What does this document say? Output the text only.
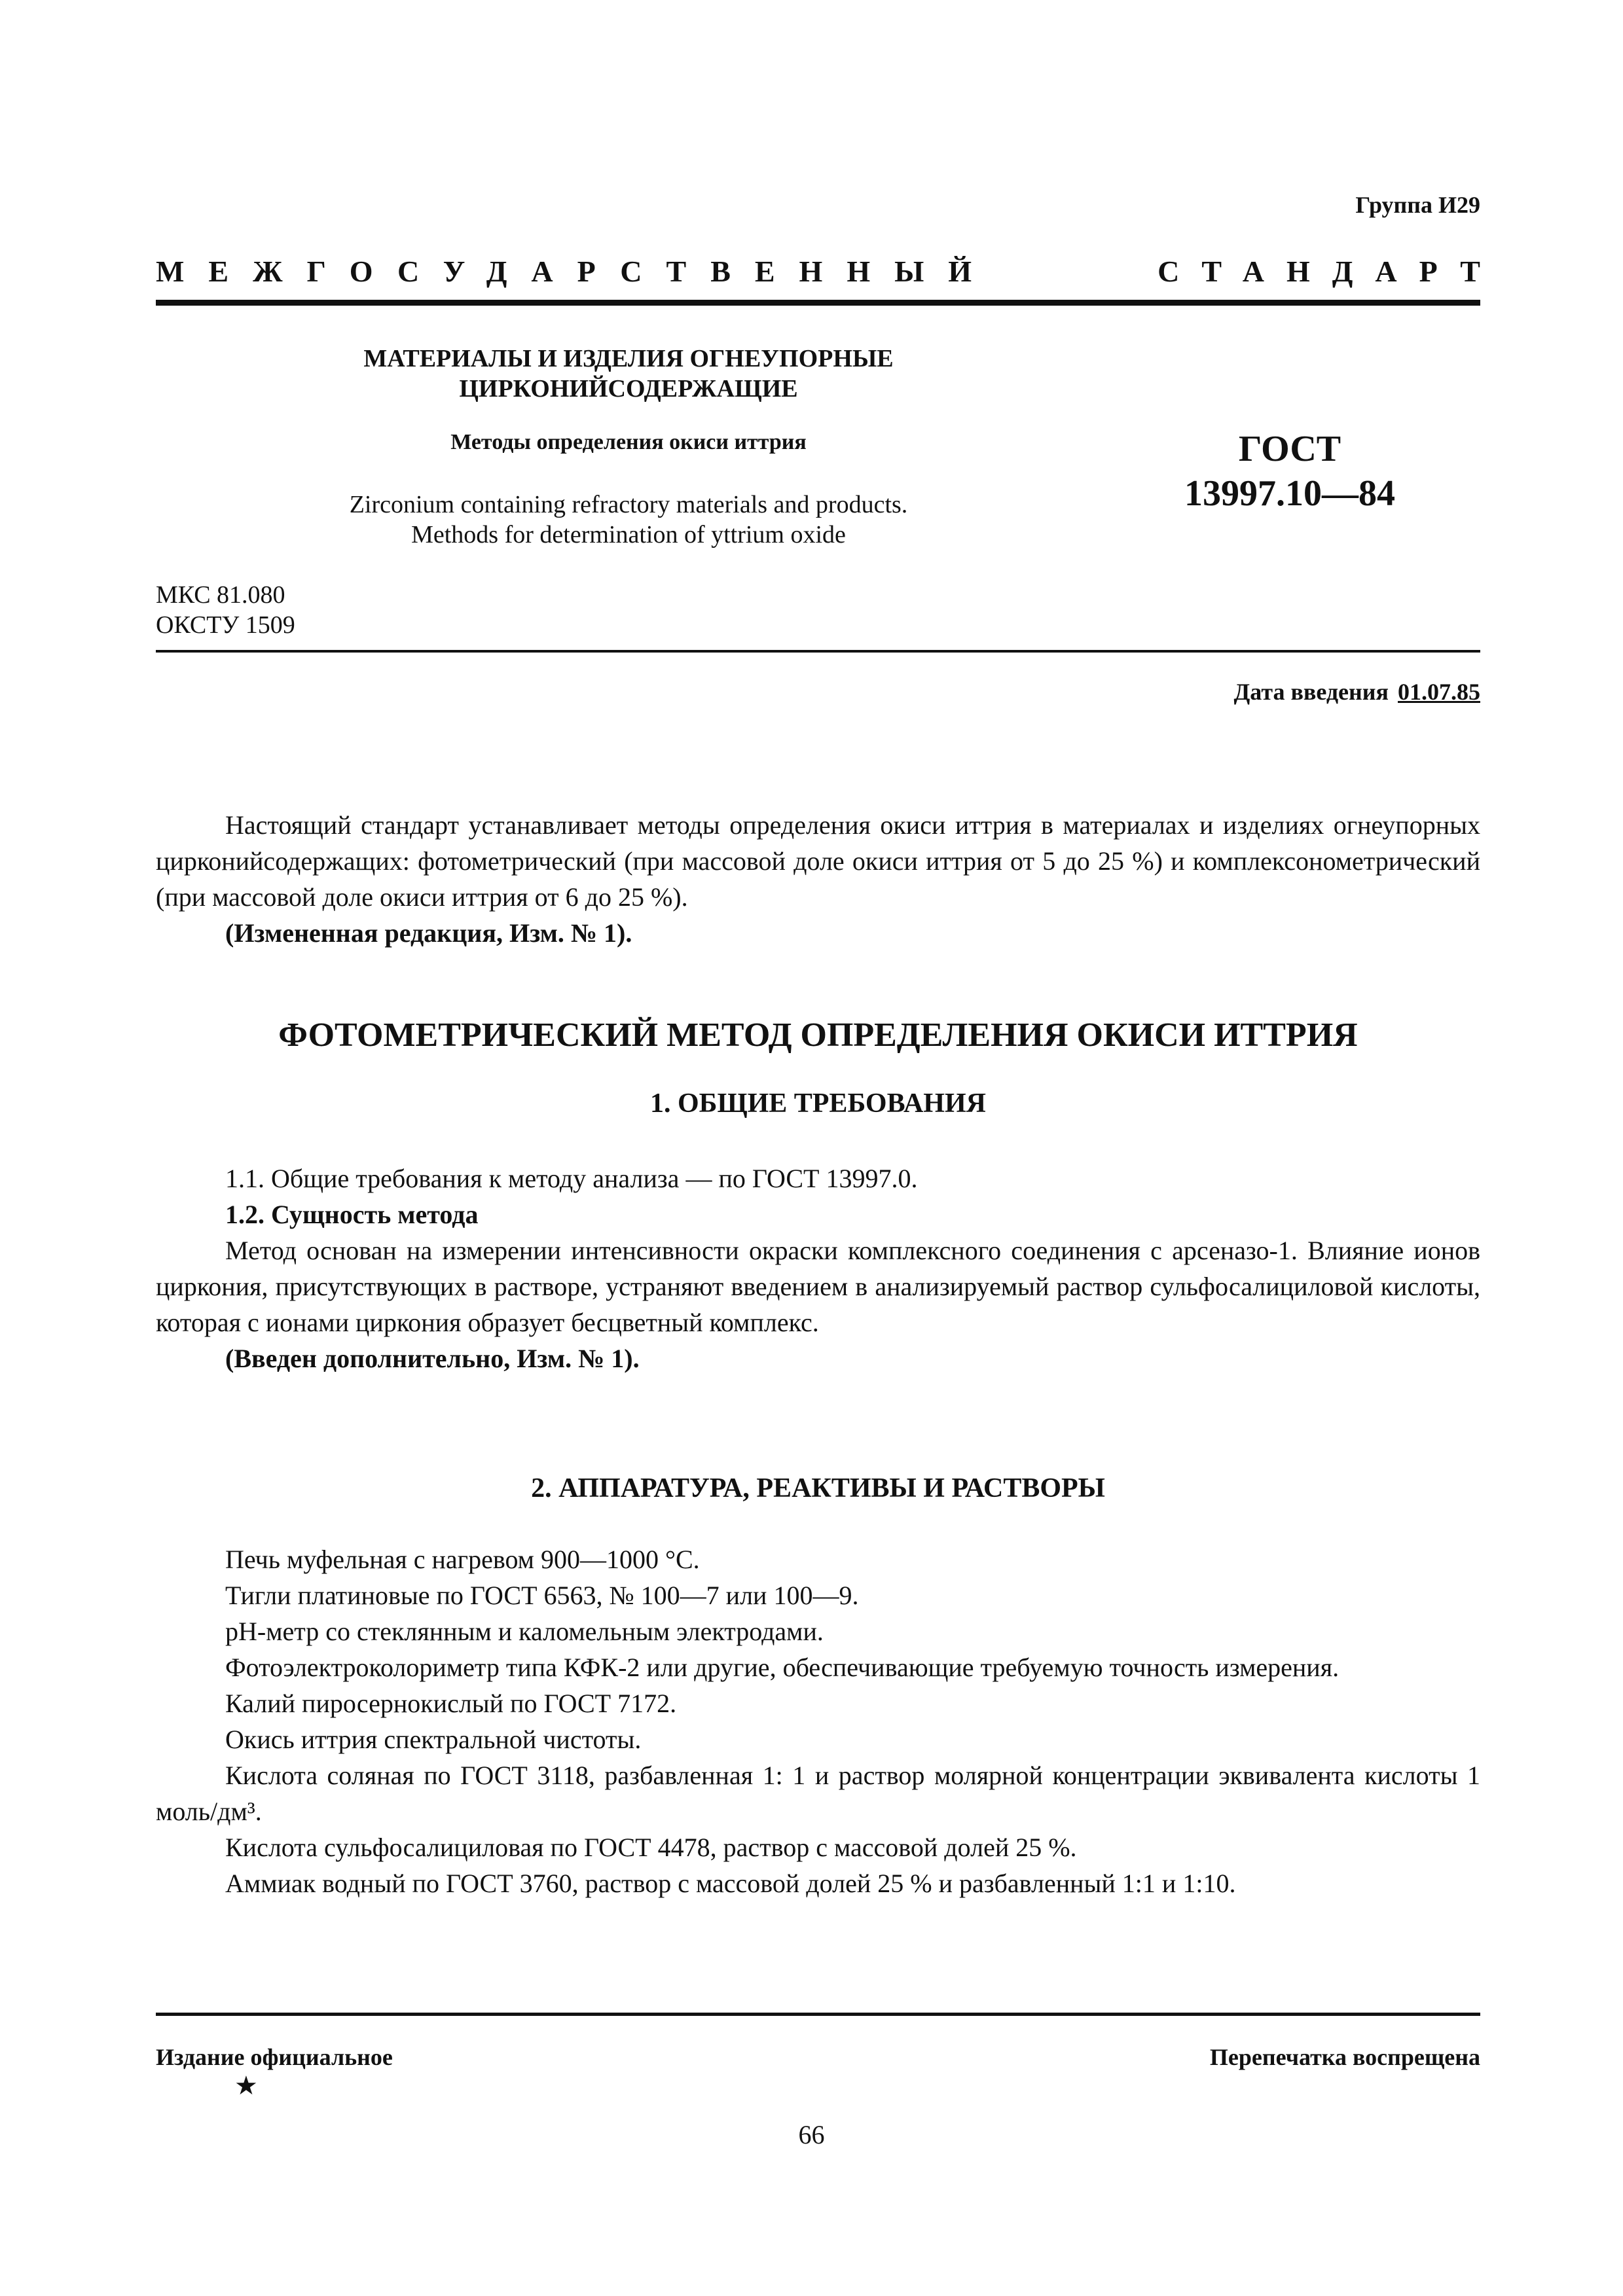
Группа И29
МЕЖГОСУДАРСТВЕННЫЙ	СТАНДАРТ
МАТЕРИАЛЫ И ИЗДЕЛИЯ ОГНЕУПОРНЫЕ
ЦИРКОНИЙСОДЕРЖАЩИЕ
Методы определения окиси иттрия
Zirconium containing refractory materials and products.
Methods for determination of yttrium oxide
ГОСТ
13997.10—84
МКС 81.080
ОКСТУ 1509
Дата введения 01.07.85

Настоящий стандарт устанавливает методы определения окиси иттрия в материалах и изделиях огнеупорных цирконийсодержащих: фотометрический (при массовой доле окиси иттрия от 5 до 25 %) и комплексонометрический (при массовой доле окиси иттрия от 6 до 25 %).

(Измененная редакция, Изм. № 1).

ФОТОМЕТРИЧЕСКИЙ МЕТОД ОПРЕДЕЛЕНИЯ ОКИСИ ИТТРИЯ
1. ОБЩИЕ ТРЕБОВАНИЯ

1.1. Общие требования к методу анализа — по ГОСТ 13997.0.

1.2. Сущность метода

Метод основан на измерении интенсивности окраски комплексного соединения с арсеназо-1. Влияние ионов циркония, присутствующих в растворе, устраняют введением в анализируемый раствор сульфосалициловой кислоты, которая с ионами циркония образует бесцветный комплекс.

(Введен дополнительно, Изм. № 1).

2. АППАРАТУРА, РЕАКТИВЫ И РАСТВОРЫ

Печь муфельная с нагревом 900—1000 °С.

Тигли платиновые по ГОСТ 6563, № 100—7 или 100—9.

pH-метр со стеклянным и каломельным электродами.

Фотоэлектроколориметр типа КФК-2 или другие, обеспечивающие требуемую точность измерения.

Калий пиросернокислый по ГОСТ 7172.

Окись иттрия спектральной чистоты.

Кислота соляная по ГОСТ 3118, разбавленная 1: 1 и раствор молярной концентрации эквивалента кислоты 1 моль/дм³.

Кислота сульфосалициловая по ГОСТ 4478, раствор с массовой долей 25 %.

Аммиак водный по ГОСТ 3760, раствор с массовой долей 25 % и разбавленный 1:1 и 1:10.

Издание официальное	Перепечатка воспрещена
★
66
